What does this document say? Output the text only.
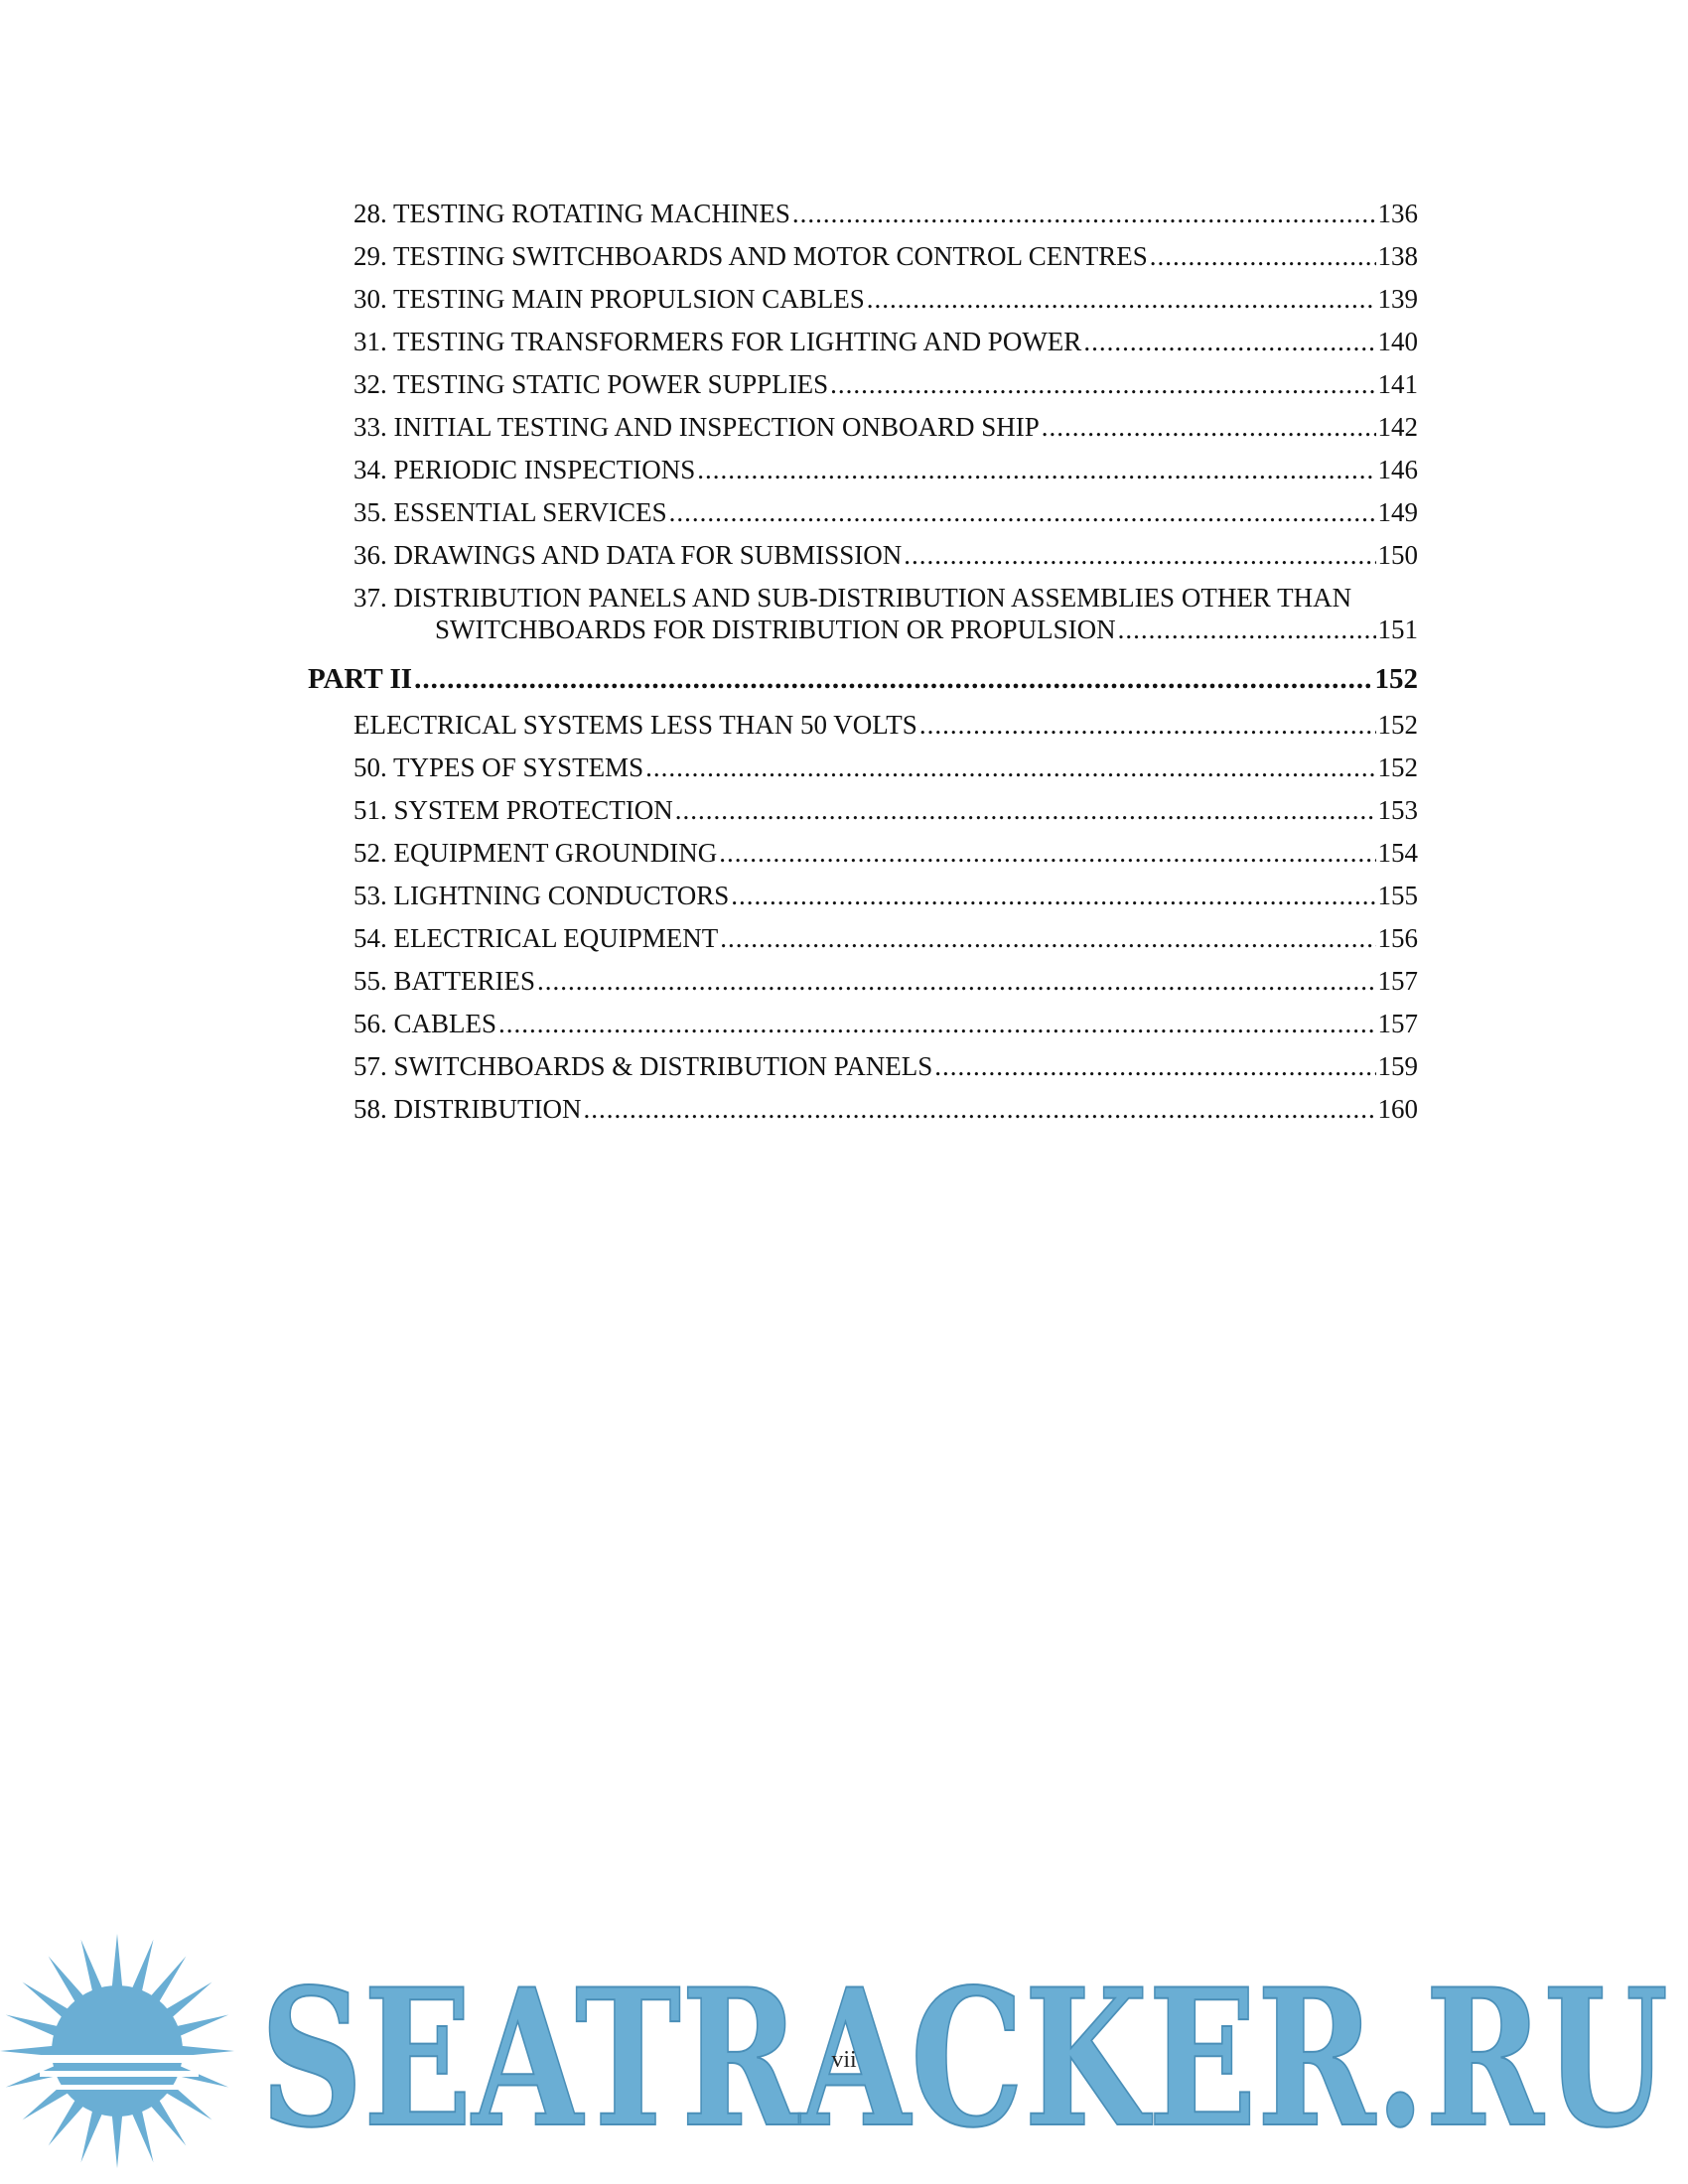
28. TESTING ROTATING MACHINES .....	136
29. TESTING SWITCHBOARDS AND MOTOR CONTROL CENTRES .....	138
30. TESTING MAIN PROPULSION CABLES .....	139
31. TESTING TRANSFORMERS FOR LIGHTING AND POWER .....	140
32. TESTING STATIC POWER SUPPLIES .....	141
33. INITIAL TESTING AND INSPECTION ONBOARD SHIP .....	142
34. PERIODIC INSPECTIONS .....	146
35. ESSENTIAL SERVICES .....	149
36. DRAWINGS AND DATA FOR SUBMISSION .....	150
37. DISTRIBUTION PANELS AND SUB-DISTRIBUTION ASSEMBLIES OTHER THAN
SWITCHBOARDS FOR DISTRIBUTION OR PROPULSION .....	151
PART II .....	152
ELECTRICAL SYSTEMS LESS THAN 50 VOLTS .....	152
50. TYPES OF SYSTEMS .....	152
51. SYSTEM PROTECTION .....	153
52. EQUIPMENT GROUNDING .....	154
53. LIGHTNING CONDUCTORS .....	155
54. ELECTRICAL EQUIPMENT .....	156
55. BATTERIES .....	157
56. CABLES .....	157
57. SWITCHBOARDS & DISTRIBUTION PANELS .....	159
58. DISTRIBUTION .....	160
SEATRACKER.RU
vii
